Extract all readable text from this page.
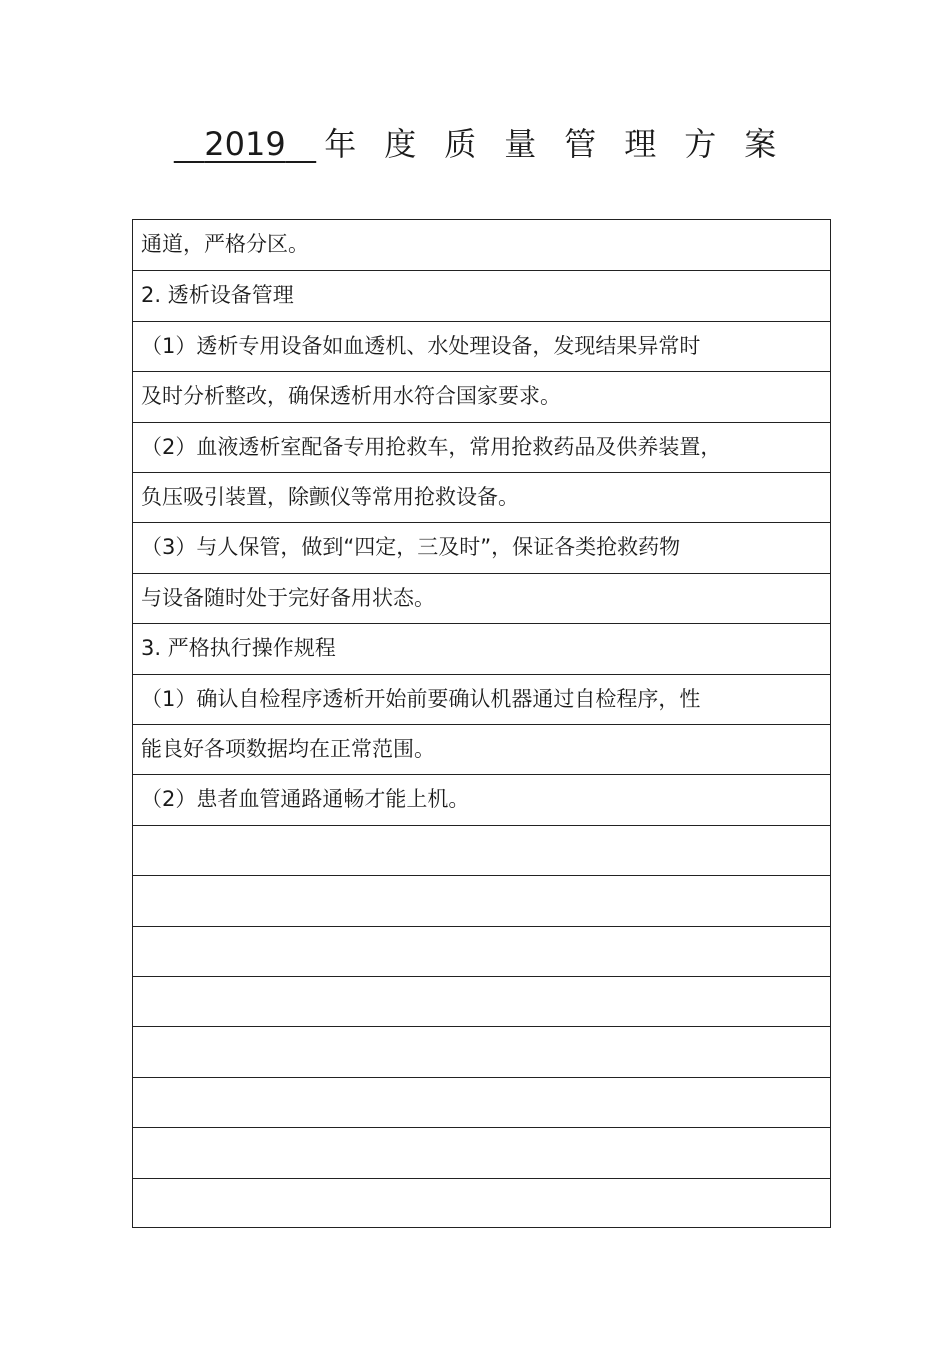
2019 年度质量管理方案
通道，严格分区。
2. 透析设备管理
（1）透析专用设备如血透机、水处理设备，发现结果异常时
及时分析整改，确保透析用水符合国家要求。
（2）血液透析室配备专用抢救车，常用抢救药品及供养装置，
负压吸引装置，除颤仪等常用抢救设备。
（3）与人保管，做到“四定，三及时”，保证各类抢救药物
与设备随时处于完好备用状态。
3. 严格执行操作规程
（1）确认自检程序透析开始前要确认机器通过自检程序，性
能良好各项数据均在正常范围。
（2）患者血管通路通畅才能上机。
